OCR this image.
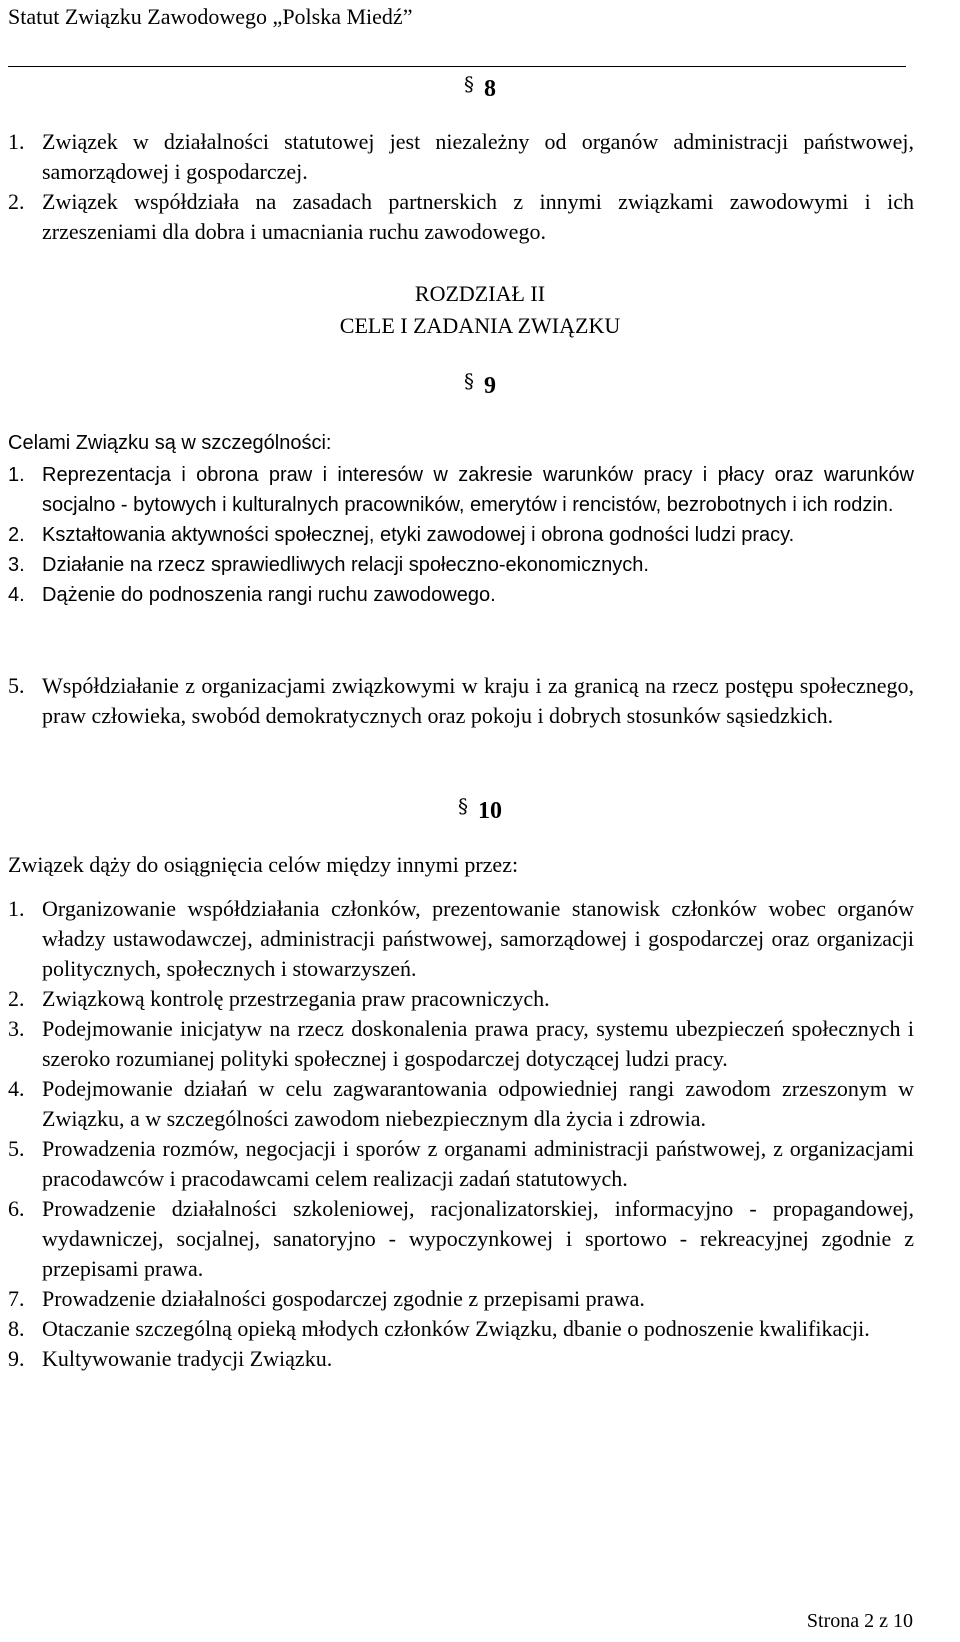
Statut Związku Zawodowego „Polska Miedź”
§ 8
1. Związek w działalności statutowej jest niezależny od organów administracji państwowej, samorządowej i gospodarczej.
2. Związek współdziała na zasadach partnerskich z innymi związkami zawodowymi i ich zrzeszeniami dla dobra i umacniania ruchu zawodowego.
ROZDZIAŁ II
CELE I ZADANIA ZWIĄZKU
§ 9
Celami Związku są w szczególności:
1. Reprezentacja i obrona praw i interesów w zakresie warunków pracy i płacy oraz warunków socjalno - bytowych i kulturalnych pracowników, emerytów i rencistów, bezrobotnych i ich rodzin.
2. Kształtowania aktywności społecznej, etyki zawodowej i obrona godności ludzi pracy.
3. Działanie na rzecz sprawiedliwych relacji społeczno-ekonomicznych.
4. Dążenie do podnoszenia rangi ruchu zawodowego.
5. Współdziałanie z organizacjami związkowymi w kraju i za granicą na rzecz postępu społecznego, praw człowieka, swobód demokratycznych oraz pokoju i dobrych stosunków sąsiedzkich.
§ 10
Związek dąży do osiągnięcia celów między innymi przez:
1. Organizowanie współdziałania członków, prezentowanie stanowisk członków wobec organów władzy ustawodawczej, administracji państwowej, samorządowej i gospodarczej oraz organizacji politycznych, społecznych i stowarzyszeń.
2. Związkową kontrolę przestrzegania praw pracowniczych.
3. Podejmowanie inicjatyw na rzecz doskonalenia prawa pracy, systemu ubezpieczeń społecznych i szeroko rozumianej polityki społecznej i gospodarczej dotyczącej ludzi pracy.
4. Podejmowanie działań w celu zagwarantowania odpowiedniej rangi zawodom zrzeszonym w Związku, a w szczególności zawodom niebezpiecznym dla życia i zdrowia.
5. Prowadzenia rozmów, negocjacji i sporów z organami administracji państwowej, z organizacjami pracodawców i pracodawcami celem realizacji zadań statutowych.
6. Prowadzenie działalności szkoleniowej, racjonalizatorskiej, informacyjno - propagandowej, wydawniczej, socjalnej, sanatoryjno - wypoczynkowej i sportowo - rekreacyjnej zgodnie z przepisami prawa.
7. Prowadzenie działalności gospodarczej zgodnie z przepisami prawa.
8. Otaczanie szczególną opieką młodych członków Związku, dbanie o podnoszenie kwalifikacji.
9. Kultywowanie tradycji Związku.
Strona 2 z 10
